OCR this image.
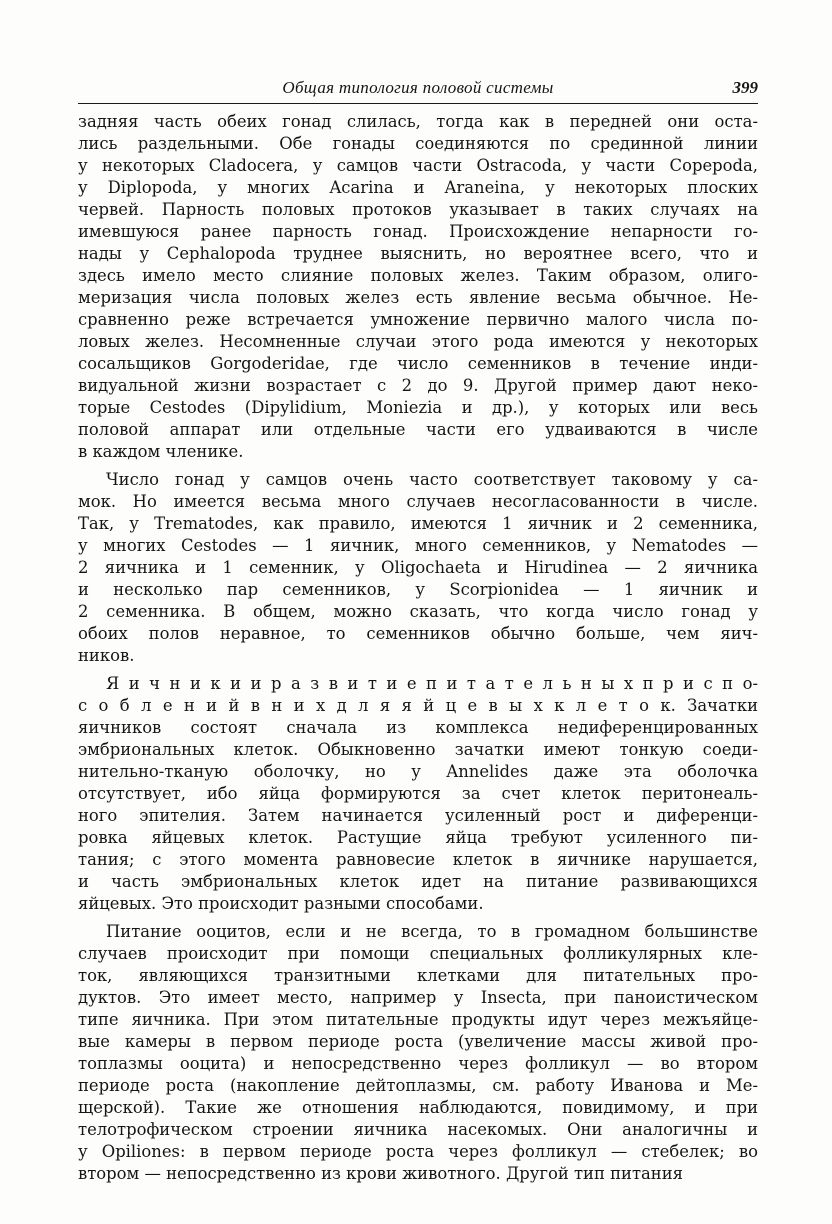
Общая типология половой системы	399
задняя часть обеих гонад слилась, тогда как в передней они оста-
лись раздельными. Обе гонады соединяются по срединной линии
у некоторых Cladocera, у самцов части Ostracoda, у части Copepoda,
у Diplopoda, у многих Acarina и Araneina, у некоторых плоских
червей. Парность половых протоков указывает в таких случаях на
имевшуюся ранее парность гонад. Происхождение непарности го-
нады у Cephalopoda труднее выяснить, но вероятнее всего, что и
здесь имело место слияние половых желез. Таким образом, олиго-
меризация числа половых желез есть явление весьма обычное. Не-
сравненно реже встречается умножение первично малого числа по-
ловых желез. Несомненные случаи этого рода имеются у некоторых
сосальщиков Gorgoderidae, где число семенников в течение инди-
видуальной жизни возрастает с 2 до 9. Другой пример дают неко-
торые Cestodes (Dipylidium, Moniezia и др.), у которых или весь
половой аппарат или отдельные части его удваиваются в числе
в каждом членике.
Число гонад у самцов очень часто соответствует таковому у са-
мок. Но имеется весьма много случаев несогласованности в числе.
Так, у Trematodes, как правило, имеются 1 яичник и 2 семенника,
у многих Cestodes — 1 яичник, много семенников, у Nematodes —
2 яичника и 1 семенник, у Oligochaeta и Hirudinea — 2 яичника
и несколько пар семенников, у Scorpionidea — 1 яичник и
2 семенника. В общем, можно сказать, что когда число гонад у
обоих полов неравное, то семенников обычно больше, чем яич-
ников.
Я и ч н и к и и р а з в и т и е п и т а т е л ь н ы х п р и с п о-
с о б л е н и й в н и х д л я я й ц е в ы х к л е т о к. Зачатки
яичников состоят сначала из комплекса недиференцированных
эмбриональных клеток. Обыкновенно зачатки имеют тонкую соеди-
нительно-тканую оболочку, но у Annelides даже эта оболочка
отсутствует, ибо яйца формируются за счет клеток перитонеаль-
ного эпителия. Затем начинается усиленный рост и диференци-
ровка яйцевых клеток. Растущие яйца требуют усиленного пи-
тания; с этого момента равновесие клеток в яичнике нарушается,
и часть эмбриональных клеток идет на питание развивающихся
яйцевых. Это происходит разными способами.
Питание ооцитов, если и не всегда, то в громадном большинстве
случаев происходит при помощи специальных фолликулярных кле-
ток, являющихся транзитными клетками для питательных про-
дуктов. Это имеет место, например у Insecta, при паноистическом
типе яичника. При этом питательные продукты идут через межъяйце-
вые камеры в первом периоде роста (увеличение массы живой про-
топлазмы ооцита) и непосредственно через фолликул — во втором
периоде роста (накопление дейтоплазмы, см. работу Иванова и Ме-
щерской). Такие же отношения наблюдаются, повидимому, и при
телотрофическом строении яичника насекомых. Они аналогичны и
у Opiliones: в первом периоде роста через фолликул — стебелек; во
втором — непосредственно из крови животного. Другой тип питания
